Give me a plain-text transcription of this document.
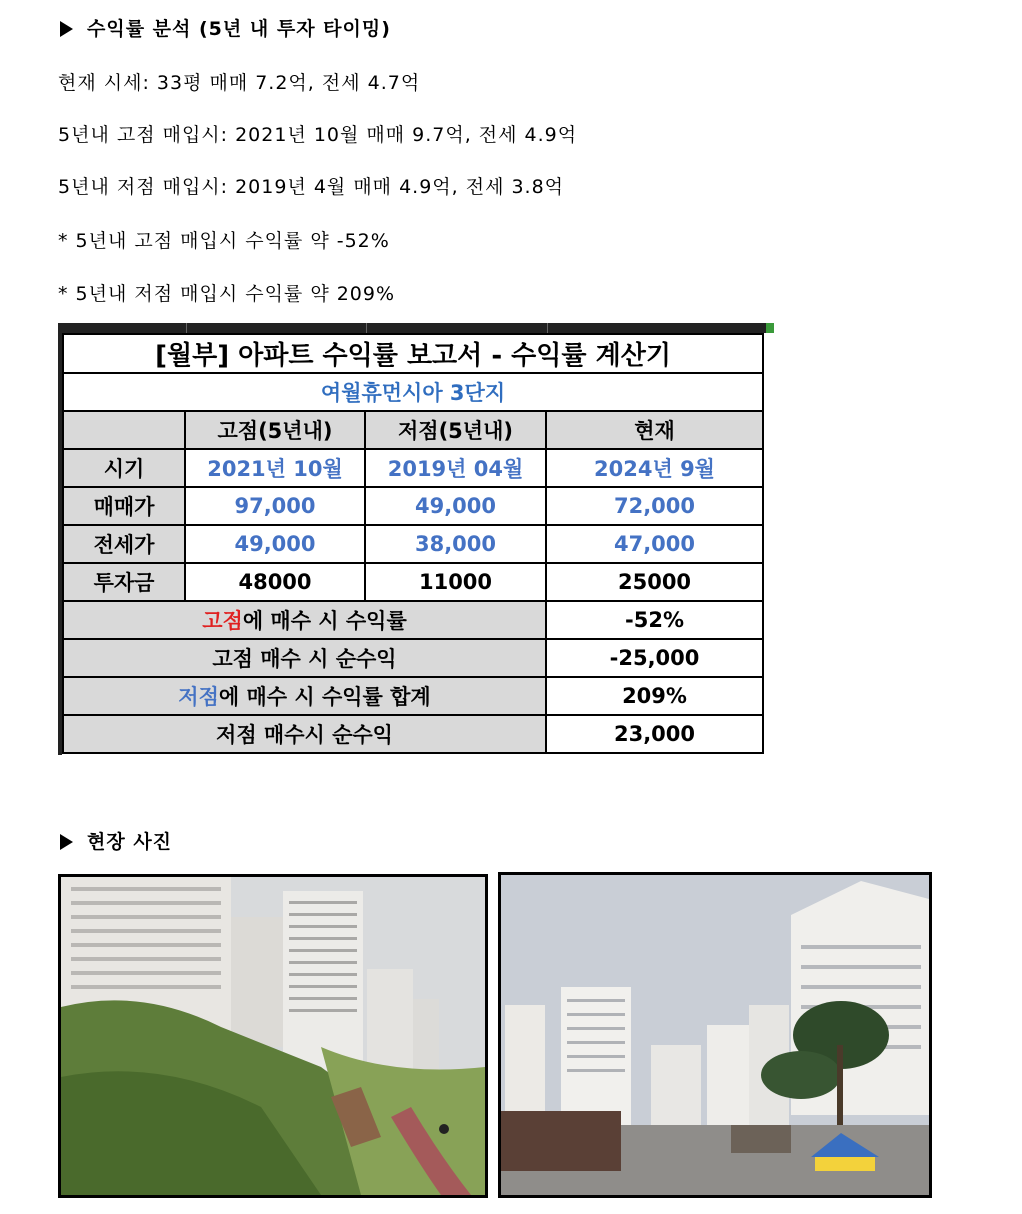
수익률 분석 (5년 내 투자 타이밍)
현재 시세: 33평 매매 7.2억, 전세 4.7억
5년내 고점 매입시: 2021년 10월 매매 9.7억, 전세 4.9억
5년내 저점 매입시: 2019년 4월 매매 4.9억, 전세 3.8억
* 5년내 고점 매입시 수익률 약 -52%
* 5년내 저점 매입시 수익률 약 209%
[월부] 아파트 수익률 보고서 - 수익률 계산기			
여월휴먼시아 3단지			
	고점(5년내)	저점(5년내)	현재
시기	2021년 10월	2019년 04월	2024년 9월
매매가	97,000	49,000	72,000
전세가	49,000	38,000	47,000
투자금	48000	11000	25000
고점에 매수 시 수익률			-52%
고점 매수 시 순수익			-25,000
저점에 매수 시 수익률 합계			209%
저점 매수시 순수익			23,000
현장 사진
